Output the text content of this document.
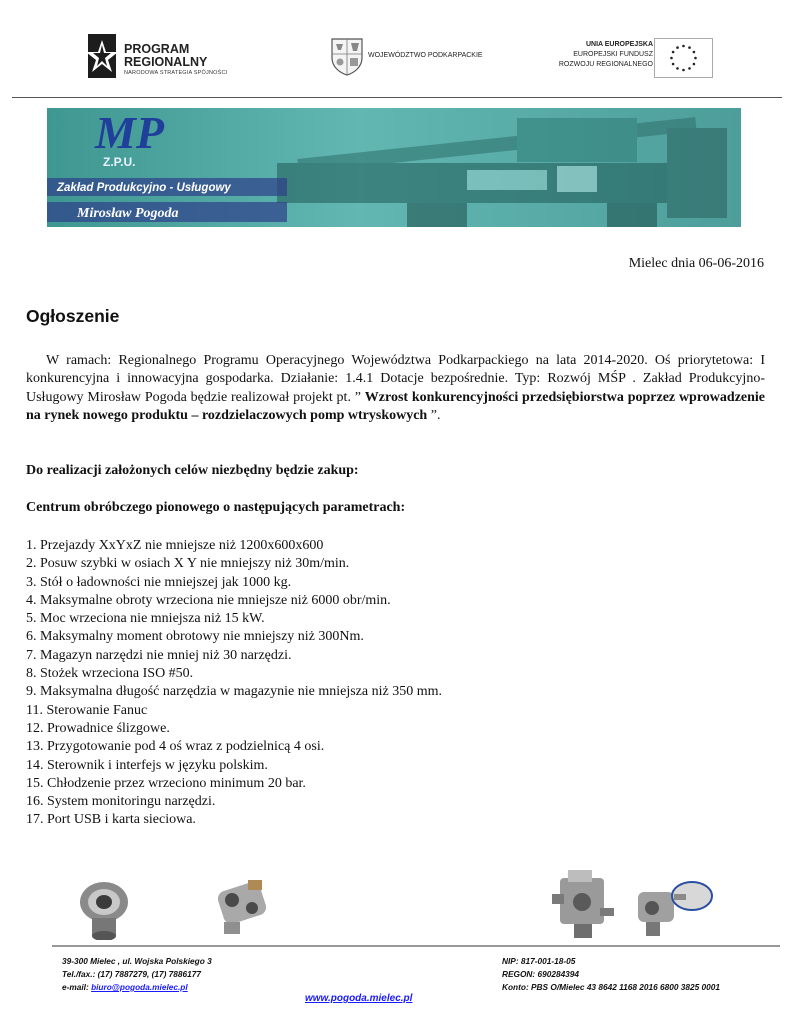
PROGRAM
REGIONALNY
NARODOWA STRATEGIA SPÓJNOŚCI
WOJEWÓDZTWO PODKARPACKIE
UNIA EUROPEJSKA
EUROPEJSKI FUNDUSZ
ROZWOJU REGIONALNEGO
MP
Z.P.U.
Zakład Produkcyjno - Usługowy
Mirosław Pogoda
Mielec dnia 06-06-2016
Ogłoszenie

W ramach: Regionalnego Programu Operacyjnego Województwa Podkarpackiego na lata 2014-2020. Oś priorytetowa: I konkurencyjna i innowacyjna gospodarka. Działanie: 1.4.1 Dotacje bezpośrednie. Typ: Rozwój MŚP . Zakład Produkcyjno-Usługowy Mirosław Pogoda będzie realizował projekt pt. ” Wzrost konkurencyjności przedsiębiorstwa poprzez wprowadzenie na rynek nowego produktu – rozdzielaczowych pomp wtryskowych ”.

Do realizacji założonych celów niezbędny będzie zakup:

Centrum obróbczego pionowego o następujących parametrach:

1. Przejazdy XxYxZ nie mniejsze niż 1200x600x600
2. Posuw szybki w osiach X Y nie mniejszy niż 30m/min.
3. Stół o ładowności nie mniejszej jak 1000 kg.
4. Maksymalne obroty wrzeciona nie mniejsze niż 6000 obr/min.
5. Moc wrzeciona nie mniejsza niż 15 kW.
6. Maksymalny moment obrotowy nie mniejszy niż 300Nm.
7. Magazyn narzędzi nie mniej niż 30 narzędzi.
8. Stożek wrzeciona ISO #50.
9. Maksymalna długość narzędzia w magazynie nie mniejsza niż 350 mm.
11. Sterowanie Fanuc
12. Prowadnice ślizgowe.
13. Przygotowanie pod 4 oś wraz z podzielnicą 4 osi.
14. Sterownik i interfejs w języku polskim.
15. Chłodzenie przez wrzeciono minimum 20 bar.
16. System monitoringu narzędzi.
17. Port USB i karta sieciowa.
39-300 Mielec , ul. Wojska Polskiego 3
Tel./fax.: (17) 7887279, (17) 7886177
e-mail: biuro@pogoda.mielec.pl
NIP: 817-001-18-05
REGON: 690284394
Konto: PBS O/Mielec 43 8642 1168 2016 6800 3825 0001
www.pogoda.mielec.pl
